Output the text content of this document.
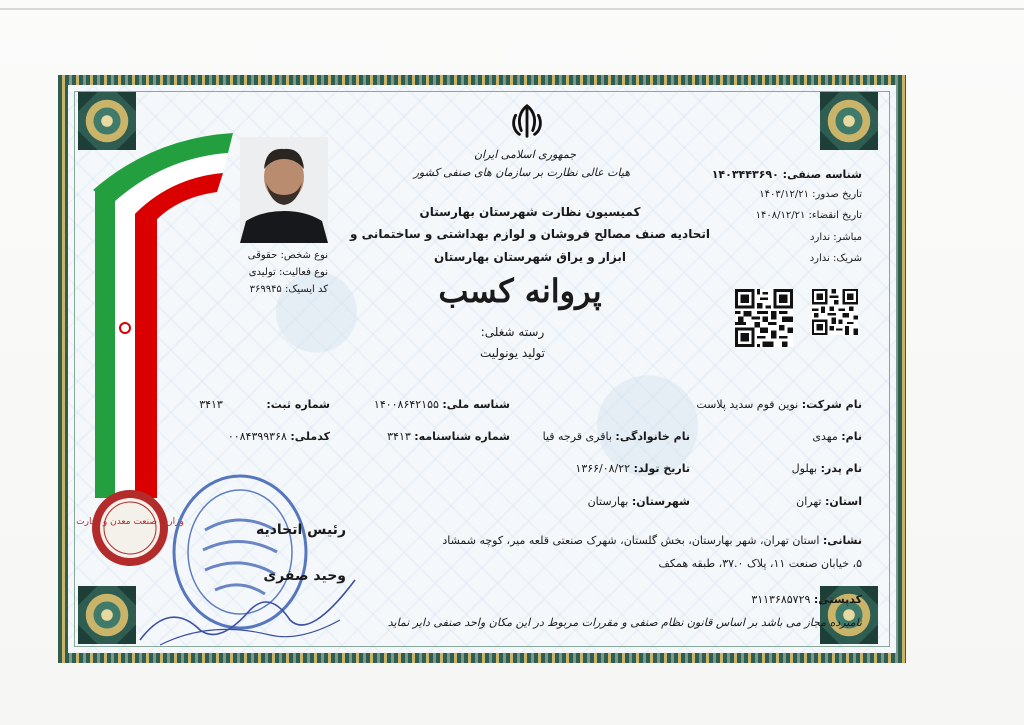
جمهوری اسلامی ایران
هیات عالی نظارت بر سازمان های صنفی کشور
کمیسیون نظارت شهرستان بهارستان
اتحادیه صنف مصالح فروشان و لوازم بهداشتی و ساختمانی و
ابزار و یراق شهرستان بهارستان
پروانه کسب
رسته شغلی:
تولید یونولیت
شناسه صنفی: ۱۴۰۳۴۴۳۶۹۰
تاریخ صدور: ۱۴۰۳/۱۲/۲۱
تاریخ انقضاء: ۱۴۰۸/۱۲/۲۱
مباشر: ندارد
شریک: ندارد
نوع شخص: حقوقی
نوع فعالیت: تولیدی
کد ایسیک: ۳۶۹۹۴۵
نام شرکت: نوین فوم سدید پلاست
شناسه ملی: ۱۴۰۰۸۶۴۲۱۵۵
شماره ثبت: ۳۴۱۳
نام: مهدی
نام خانوادگی: باقری قرجه قیا
شماره شناسنامه: ۳۴۱۳
کدملی: ۰۰۸۴۳۹۹۳۶۸
نام پدر: بهلول
تاریخ تولد: ۱۳۶۶/۰۸/۲۲
استان: تهران
شهرستان: بهارستان
نشانی: استان تهران، شهر بهارستان، بخش گلستان، شهرک صنعتی قلعه میر، کوچه شمشاد
۵، خیابان صنعت ۱۱، پلاک ۳۷.۰، طبقه همکف
کدپستی: ۳۱۱۳۶۸۵۷۲۹
نامبرده مجاز می باشد بر اساس قانون نظام صنفی و مقررات مربوط در این مکان واحد صنفی دایر نماید
وزارت صنعت معدن و تجارت	رئیس اتحادیه
وحید صفری
